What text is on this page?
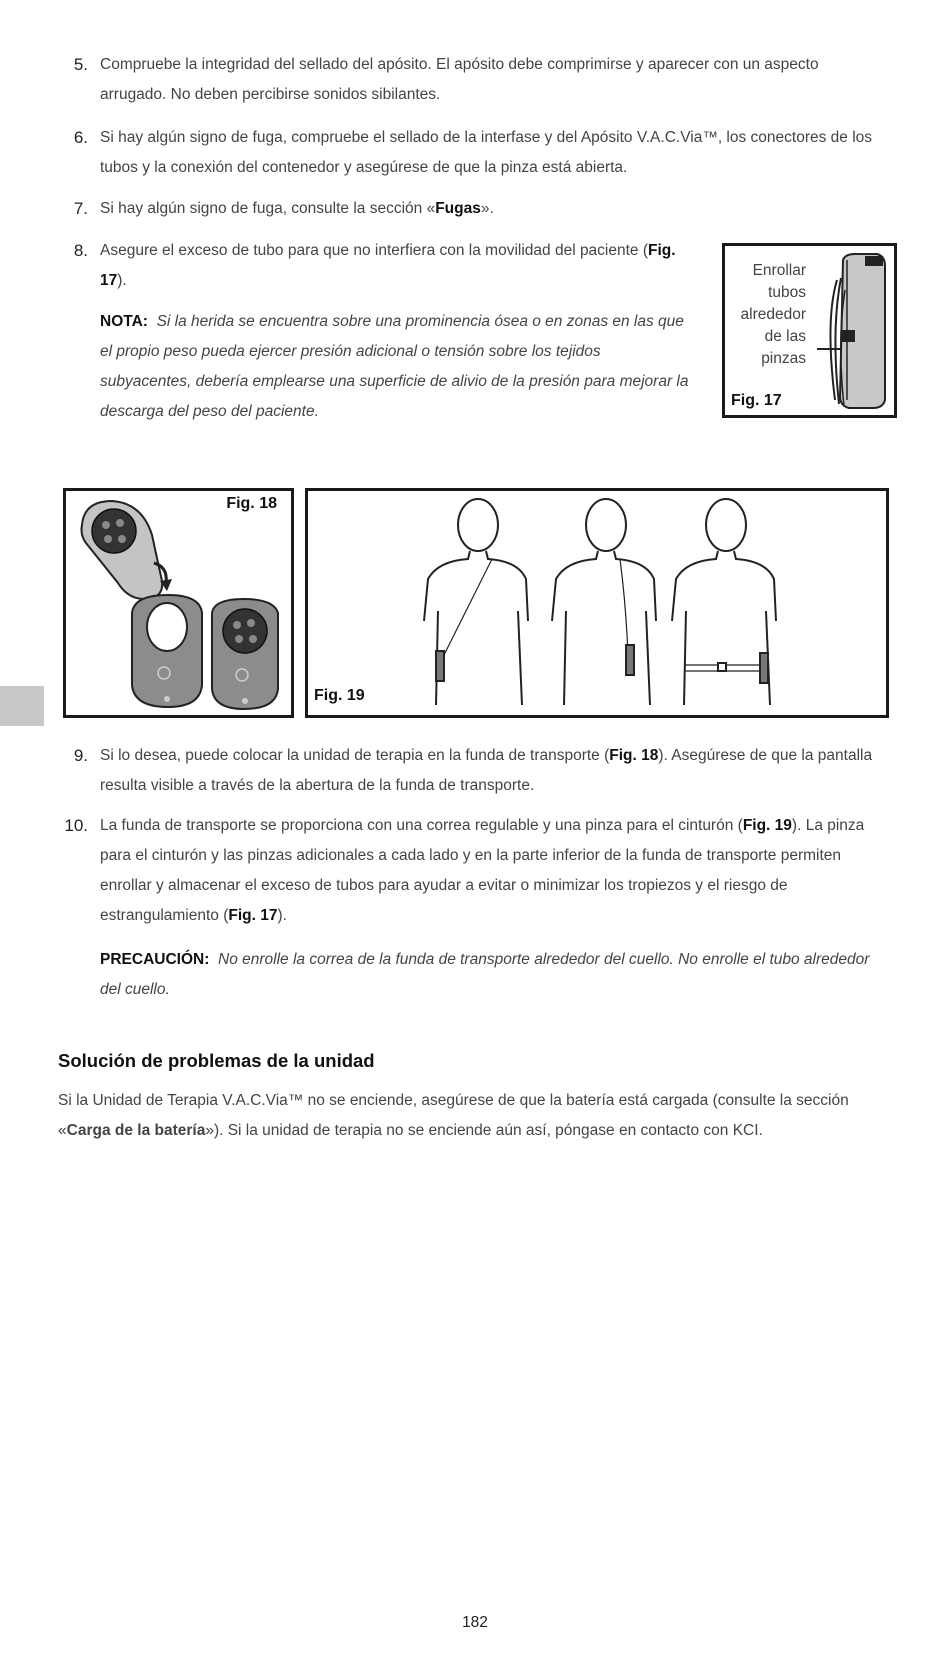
5. Compruebe la integridad del sellado del apósito. El apósito debe comprimirse y aparecer con un aspecto arrugado. No deben percibirse sonidos sibilantes.
6. Si hay algún signo de fuga, compruebe el sellado de la interfase y del Apósito V.A.C.Via™, los conectores de los tubos y la conexión del contenedor y asegúrese de que la pinza está abierta.
7. Si hay algún signo de fuga, consulte la sección «Fugas».
8. Asegure el exceso de tubo para que no interfiera con la movilidad del paciente (Fig. 17).
NOTA: Si la herida se encuentra sobre una prominencia ósea o en zonas en las que el propio peso pueda ejercer presión adicional o tensión sobre los tejidos subyacentes, debería emplearse una superficie de alivio de la presión para mejorar la descarga del peso del paciente.
Enrollar
tubos
alrededor
de las
pinzas
Fig. 17
Fig. 18
Fig. 19
9. Si lo desea, puede colocar la unidad de terapia en la funda de transporte (Fig. 18). Asegúrese de que la pantalla resulta visible a través de la abertura de la funda de transporte.
10. La funda de transporte se proporciona con una correa regulable y una pinza para el cinturón (Fig. 19). La pinza para el cinturón y las pinzas adicionales a cada lado y en la parte inferior de la funda de transporte permiten enrollar y almacenar el exceso de tubos para ayudar a evitar o minimizar los tropiezos y el riesgo de estrangulamiento (Fig. 17).
PRECAUCIÓN: No enrolle la correa de la funda de transporte alrededor del cuello. No enrolle el tubo alrededor del cuello.
Solución de problemas de la unidad
Si la Unidad de Terapia V.A.C.Via™ no se enciende, asegúrese de que la batería está cargada (consulte la sección «Carga de la batería»). Si la unidad de terapia no se enciende aún así, póngase en contacto con KCI.
182
